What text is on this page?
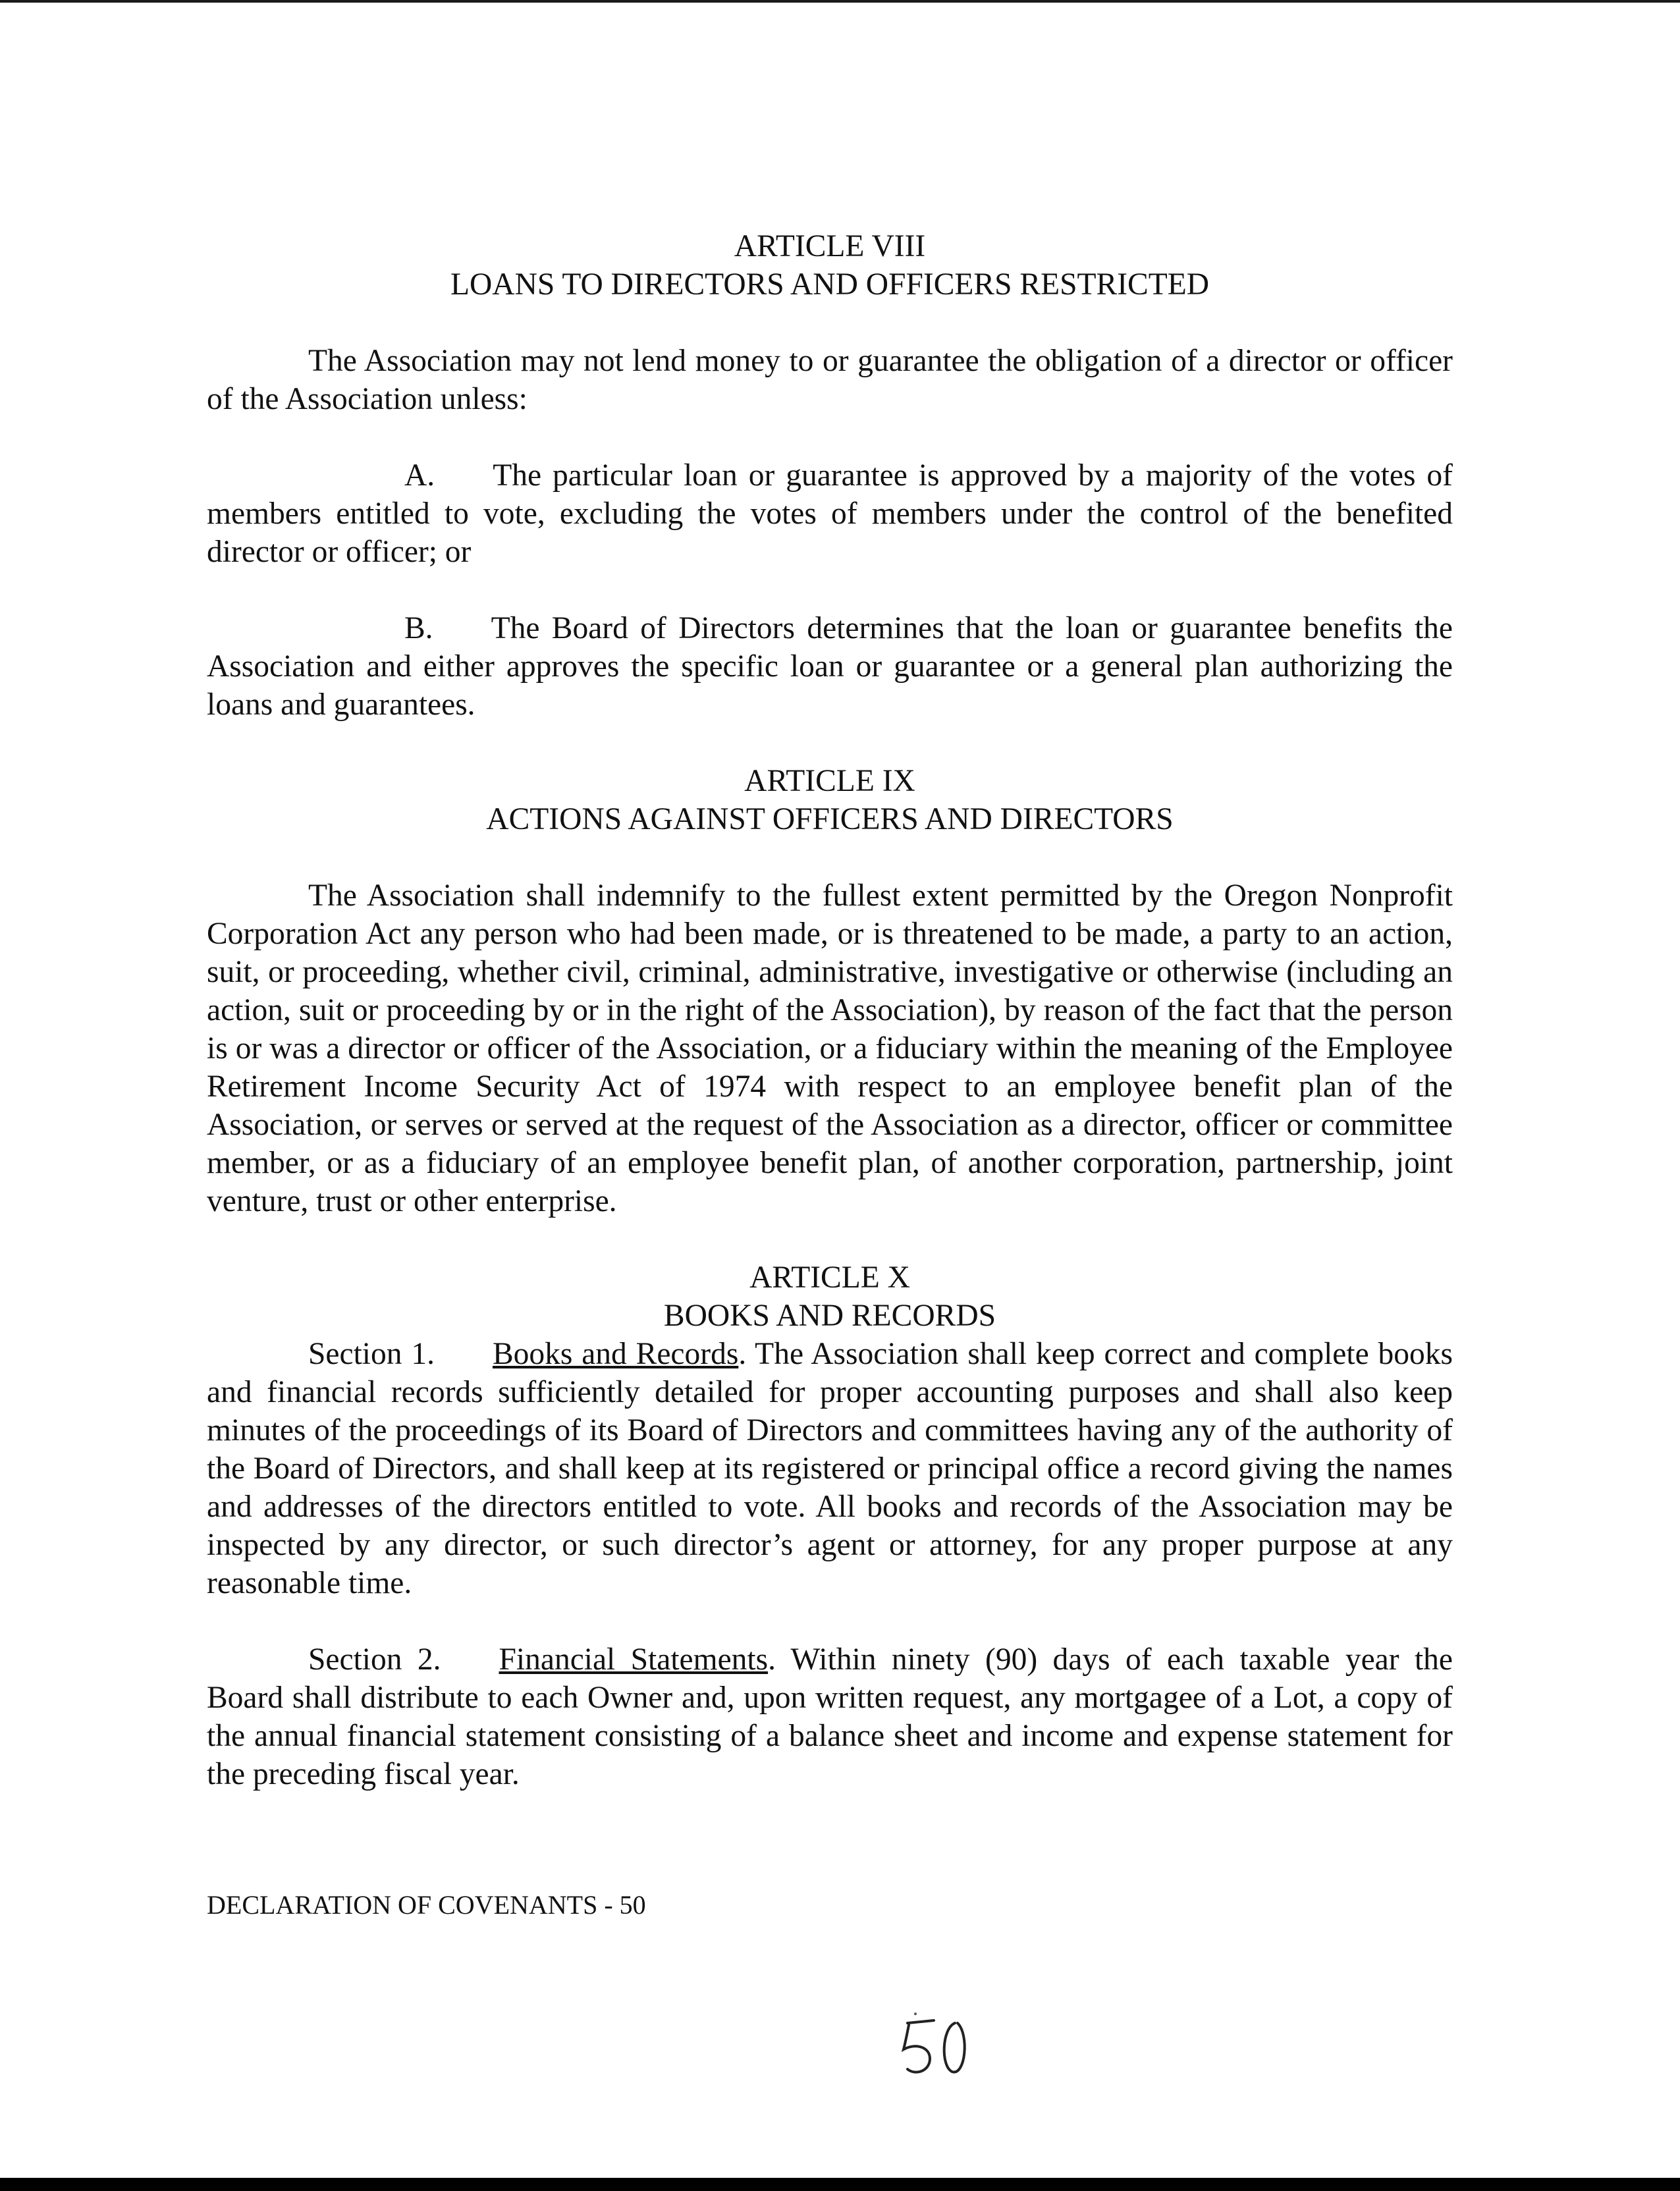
ARTICLE VIII
LOANS TO DIRECTORS AND OFFICERS RESTRICTED

The Association may not lend money to or guarantee the obligation of a director or officer of the Association unless:

A. The particular loan or guarantee is approved by a majority of the votes of members entitled to vote, excluding the votes of members under the control of the benefited director or officer; or

B. The Board of Directors determines that the loan or guarantee benefits the Association and either approves the specific loan or guarantee or a general plan authorizing the loans and guarantees.

ARTICLE IX
ACTIONS AGAINST OFFICERS AND DIRECTORS

The Association shall indemnify to the fullest extent permitted by the Oregon Nonprofit Corporation Act any person who had been made, or is threatened to be made, a party to an action, suit, or proceeding, whether civil, criminal, administrative, investigative or otherwise (including an action, suit or proceeding by or in the right of the Association), by reason of the fact that the person is or was a director or officer of the Association, or a fiduciary within the meaning of the Employee Retirement Income Security Act of 1974 with respect to an employee benefit plan of the Association, or serves or served at the request of the Association as a director, officer or committee member, or as a fiduciary of an employee benefit plan, of another corporation, partnership, joint venture, trust or other enterprise.

ARTICLE X
BOOKS AND RECORDS

Section 1. Books and Records. The Association shall keep correct and complete books and financial records sufficiently detailed for proper accounting purposes and shall also keep minutes of the proceedings of its Board of Directors and committees having any of the authority of the Board of Directors, and shall keep at its registered or principal office a record giving the names and addresses of the directors entitled to vote. All books and records of the Association may be inspected by any director, or such director’s agent or attorney, for any proper purpose at any reasonable time.

Section 2. Financial Statements. Within ninety (90) days of each taxable year the Board shall distribute to each Owner and, upon written request, any mortgagee of a Lot, a copy of the annual financial statement consisting of a balance sheet and income and expense statement for the preceding fiscal year.

DECLARATION OF COVENANTS - 50
